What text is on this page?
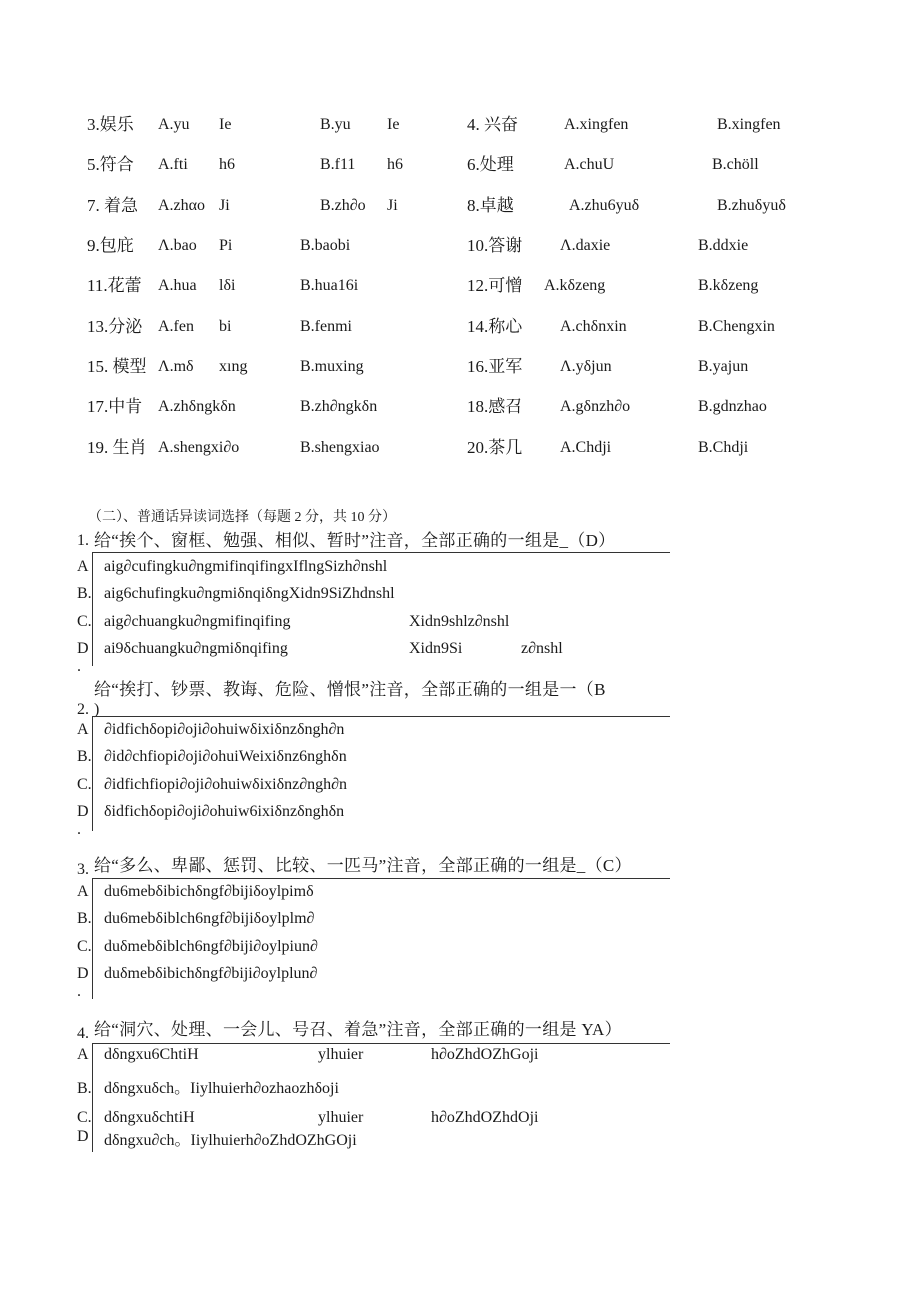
3.娱乐 A.yu Ie	B.yu Ie	4. 兴奋	A.xingfen	B.xingfen
5.符合 A.fti h6	B.f11 h6	6.处理	A.chuU	B.chöll
7. 着急 A.zhαo Ji	B.zh∂o Ji	8.卓越	A.zhu6yuδ	B.zhuδyuδ
9.包庇 Λ.bao Pi	B.baobi	10.答谢 Λ.daxie	B.ddxie
11.花蕾 A.hua lδi	B.hua16i	12.可憎 A.kδzeng	B.kδzeng
13.分泌 A.fen bi	B.fenmi	14.称心 A.chδnxin	B.Chengxin
15. 模型 Λ.mδ xıng	B.muxing	16.亚军 Λ.yδjun	B.yajun
17.中肯 A.zhδngkδn	B.zh∂ngkδn	18.感召 A.gδnzh∂o	B.gdnzhao
19. 生肖 A.shengxi∂o	B.shengxiao	20.茶几 A.Chdji	B.Chdji
（二）、普通话异读词选择（每题 2 分，共 10 分）
1. 给“挨个、窗框、勉强、相似、暂时”注音，全部正确的一组是_（D）
A aig∂cufingku∂ngmifinqifingxIflngSizh∂nshl
B. aig6chufingku∂ngmiδnqiδngXidn9SiZhdnshl
C. aig∂chuangku∂ngmifinqifing	Xidn9shlz∂nshl
D ai9δchuangku∂ngmiδnqifing	Xidn9Si	z∂nshl
.
给“挨打、钞票、教诲、危险、憎恨”注音，全部正确的一组是一（B
2. )
A ∂idfichδopi∂oji∂ohuiwδixiδnzδngh∂n
B. ∂id∂chfiopi∂oji∂ohuiWeixiδnz6nghδn
C. ∂idfichfiopi∂oji∂ohuiwδixiδnz∂ngh∂n
D δidfichδopi∂oji∂ohuiw6ixiδnzδnghδn
.
3. 给“多么、卑鄙、惩罚、比较、一匹马”注音，全部正确的一组是_（C）
A du6mebδibichδngf∂bijiδoylpimδ
B. du6mebδiblch6ngf∂bijiδoylplm∂
C. duδmebδiblch6ngf∂biji∂oylpiun∂
D duδmebδibichδngf∂biji∂oylplun∂
.
4. 给“洞穴、处理、一会儿、号召、着急”注音，全部正确的一组是 YA）
A dδngxu6ChtiH	ylhuier	h∂oZhdOZhGoji
B. dδngxuδch。Iiylhuierh∂ozhaozhδoji
C. dδngxuδchtiH	ylhuier	h∂oZhdOZhdOji
D dδngxu∂ch。Iiylhuierh∂oZhdOZhGOji
